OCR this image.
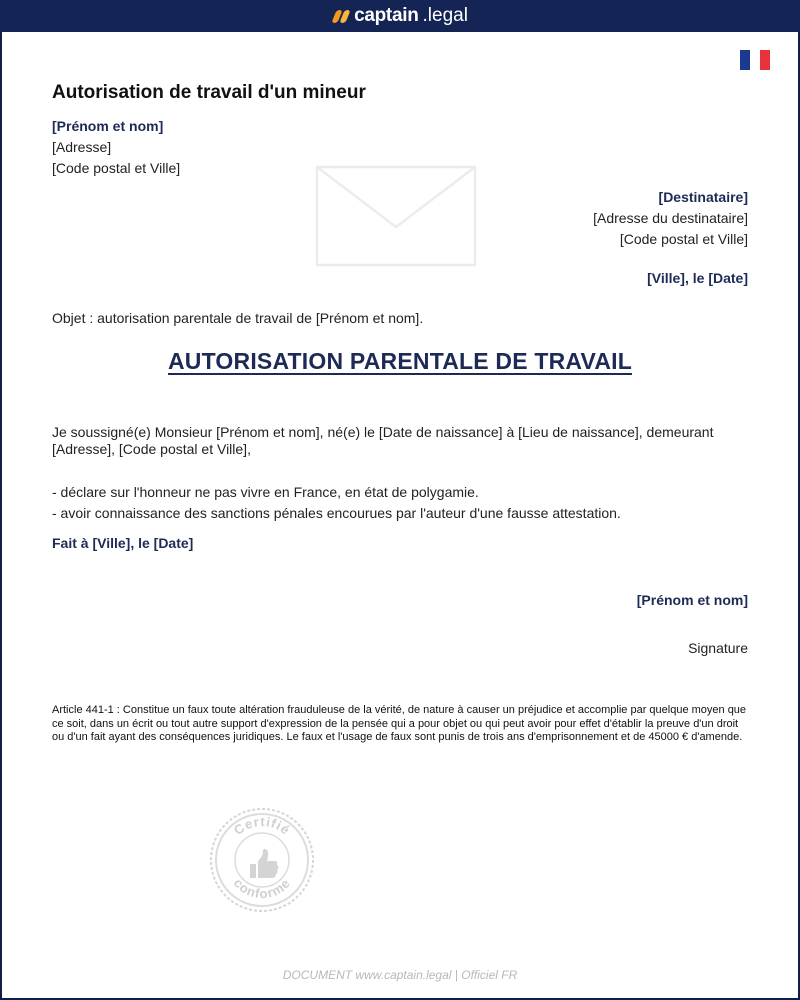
captain .legal
Autorisation de travail d'un mineur
[Prénom et nom]
[Adresse]
[Code postal et Ville]
[Destinataire]
[Adresse du destinataire]
[Code postal et Ville]
[Ville], le [Date]
Objet : autorisation parentale de travail de [Prénom et nom].
AUTORISATION PARENTALE DE TRAVAIL
Je soussigné(e) Monsieur [Prénom et nom], né(e) le [Date de naissance] à [Lieu de naissance], demeurant [Adresse], [Code postal et Ville],
- déclare sur l'honneur ne pas vivre en France, en état de polygamie.
- avoir connaissance des sanctions pénales encourues par l'auteur d'une fausse attestation.
Fait à [Ville], le [Date]
[Prénom et nom]
Signature
Article 441-1 : Constitue un faux toute altération frauduleuse de la vérité, de nature à causer un préjudice et accomplie par quelque moyen que ce soit, dans un écrit ou tout autre support d'expression de la pensée qui a pour objet ou qui peut avoir pour effet d'établir la preuve d'un droit ou d'un fait ayant des conséquences juridiques. Le faux et l'usage de faux sont punis de trois ans d'emprisonnement et de 45000 € d'amende.
Certifié
conforme
DOCUMENT www.captain.legal | Officiel FR
